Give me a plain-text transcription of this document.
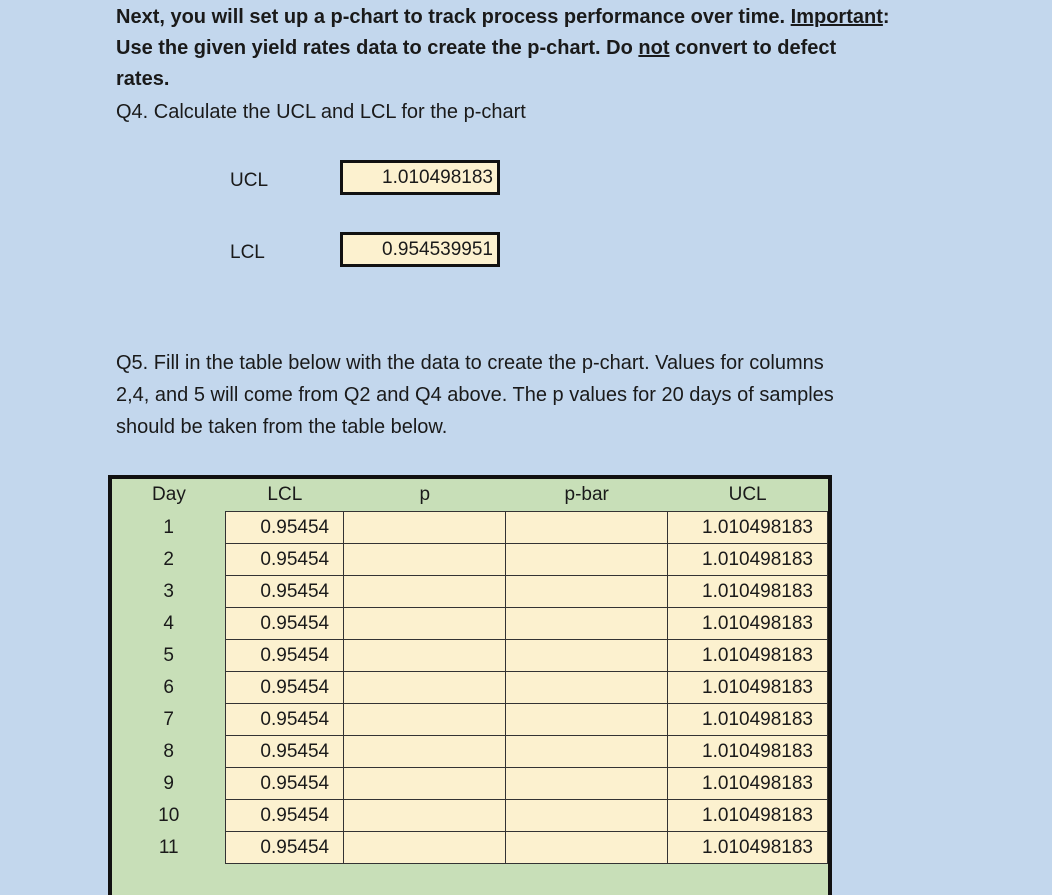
Next, you will set up a p-chart to track process performance over time. Important:
Use the given yield rates data to create the p-chart. Do not convert to defect
rates.
Q4. Calculate the UCL and LCL for the p-chart
UCL	1.010498183
LCL	0.954539951
Q5. Fill in the table below with the data to create the p-chart. Values for columns
2,4, and 5 will come from Q2 and Q4 above. The p values for 20 days of samples
should be taken from the table below.
Day	LCL	p	p-bar	UCL
1	0.95454			1.010498183
2	0.95454			1.010498183
3	0.95454			1.010498183
4	0.95454			1.010498183
5	0.95454			1.010498183
6	0.95454			1.010498183
7	0.95454			1.010498183
8	0.95454			1.010498183
9	0.95454			1.010498183
10	0.95454			1.010498183
11	0.95454			1.010498183
